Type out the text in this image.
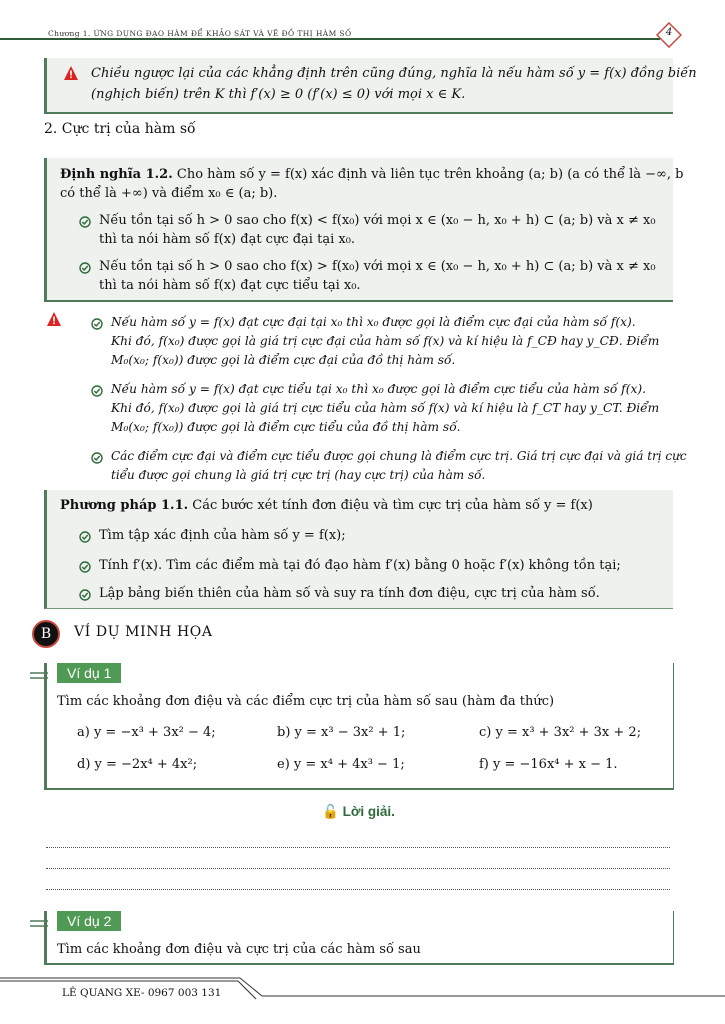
Chương 1. ỨNG DỤNG ĐẠO HÀM ĐỂ KHẢO SÁT VÀ VẼ ĐỒ THỊ HÀM SỐ	4
Chiều ngược lại của các khẳng định trên cũng đúng, nghĩa là nếu hàm số y = f(x) đồng biến
(nghịch biến) trên K thì f′(x) ≥ 0 (f′(x) ≤ 0) với mọi x ∈ K.
2. Cực trị của hàm số
Định nghĩa 1.2. Cho hàm số y = f(x) xác định và liên tục trên khoảng (a; b) (a có thể là −∞, b
có thể là +∞) và điểm x₀ ∈ (a; b).
Nếu tồn tại số h > 0 sao cho f(x) < f(x₀) với mọi x ∈ (x₀ − h, x₀ + h) ⊂ (a; b) và x ≠ x₀
thì ta nói hàm số f(x) đạt cực đại tại x₀.
Nếu tồn tại số h > 0 sao cho f(x) > f(x₀) với mọi x ∈ (x₀ − h, x₀ + h) ⊂ (a; b) và x ≠ x₀
thì ta nói hàm số f(x) đạt cực tiểu tại x₀.
Nếu hàm số y = f(x) đạt cực đại tại x₀ thì x₀ được gọi là điểm cực đại của hàm số f(x).
Khi đó, f(x₀) được gọi là giá trị cực đại của hàm số f(x) và kí hiệu là f_CĐ hay y_CĐ. Điểm
M₀(x₀; f(x₀)) được gọi là điểm cực đại của đồ thị hàm số.
Nếu hàm số y = f(x) đạt cực tiểu tại x₀ thì x₀ được gọi là điểm cực tiểu của hàm số f(x).
Khi đó, f(x₀) được gọi là giá trị cực tiểu của hàm số f(x) và kí hiệu là f_CT hay y_CT. Điểm
M₀(x₀; f(x₀)) được gọi là điểm cực tiểu của đồ thị hàm số.
Các điểm cực đại và điểm cực tiểu được gọi chung là điểm cực trị. Giá trị cực đại và giá trị cực
tiểu được gọi chung là giá trị cực trị (hay cực trị) của hàm số.
Phương pháp 1.1. Các bước xét tính đơn điệu và tìm cực trị của hàm số y = f(x)
Tìm tập xác định của hàm số y = f(x);
Tính f′(x). Tìm các điểm mà tại đó đạo hàm f′(x) bằng 0 hoặc f′(x) không tồn tại;
Lập bảng biến thiên của hàm số và suy ra tính đơn điệu, cực trị của hàm số.
B	VÍ DỤ MINH HỌA
Ví dụ 1
Tìm các khoảng đơn điệu và các điểm cực trị của hàm số sau (hàm đa thức)
a) y = −x³ + 3x² − 4;	b) y = x³ − 3x² + 1;	c) y = x³ + 3x² + 3x + 2;
d) y = −2x⁴ + 4x²;	e) y = x⁴ + 4x³ − 1;	f) y = −16x⁴ + x − 1.
🔓 Lời giải.
Ví dụ 2
Tìm các khoảng đơn điệu và cực trị của các hàm số sau
LÊ QUANG XE- 0967 003 131
